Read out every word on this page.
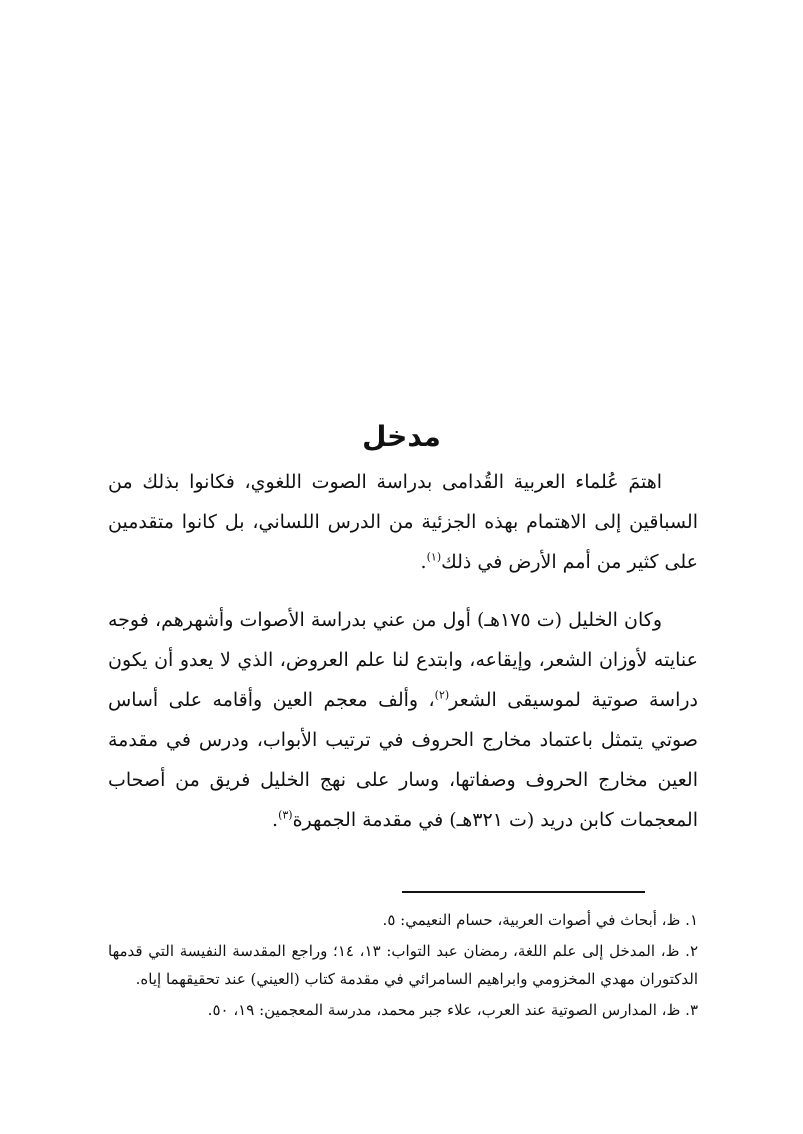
مدخل

اهتمَ عُلماء العربية القُدامى بدراسة الصوت اللغوي، فكانوا بذلك من السباقين إلى الاهتمام بهذه الجزئية من الدرس اللساني، بل كانوا متقدمين على كثير من أمم الأرض في ذلك$^{(١)}$.

وكان الخليل (ت ١٧٥هـ) أول من عني بدراسة الأصوات وأشهرهم، فوجه عنايته لأوزان الشعر، وإيقاعه، وابتدع لنا علم العروض، الذي لا يعدو أن يكون دراسة صوتية لموسيقى الشعر$^{(٢)}$، وألف معجم العين وأقامه على أساس صوتي يتمثل باعتماد مخارج الحروف في ترتيب الأبواب، ودرس في مقدمة العين مخارج الحروف وصفاتها، وسار على نهج الخليل فريق من أصحاب المعجمات كابن دريد (ت ٣٢١هـ) في مقدمة الجمهرة$^{(٣)}$.

١. ظ، أبحاث في أصوات العربية، حسام النعيمي: ٥.

٢. ظ، المدخل إلى علم اللغة، رمضان عبد التواب: ١٣، ١٤؛ وراجع المقدسة النفيسة التي قدمها الدكتوران مهدي المخزومي وابراهيم السامرائي في مقدمة كتاب (العيني) عند تحقيقهما إياه.

٣. ظ، المدارس الصوتية عند العرب، علاء جبر محمد، مدرسة المعجمين: ١٩، ٥٠.
